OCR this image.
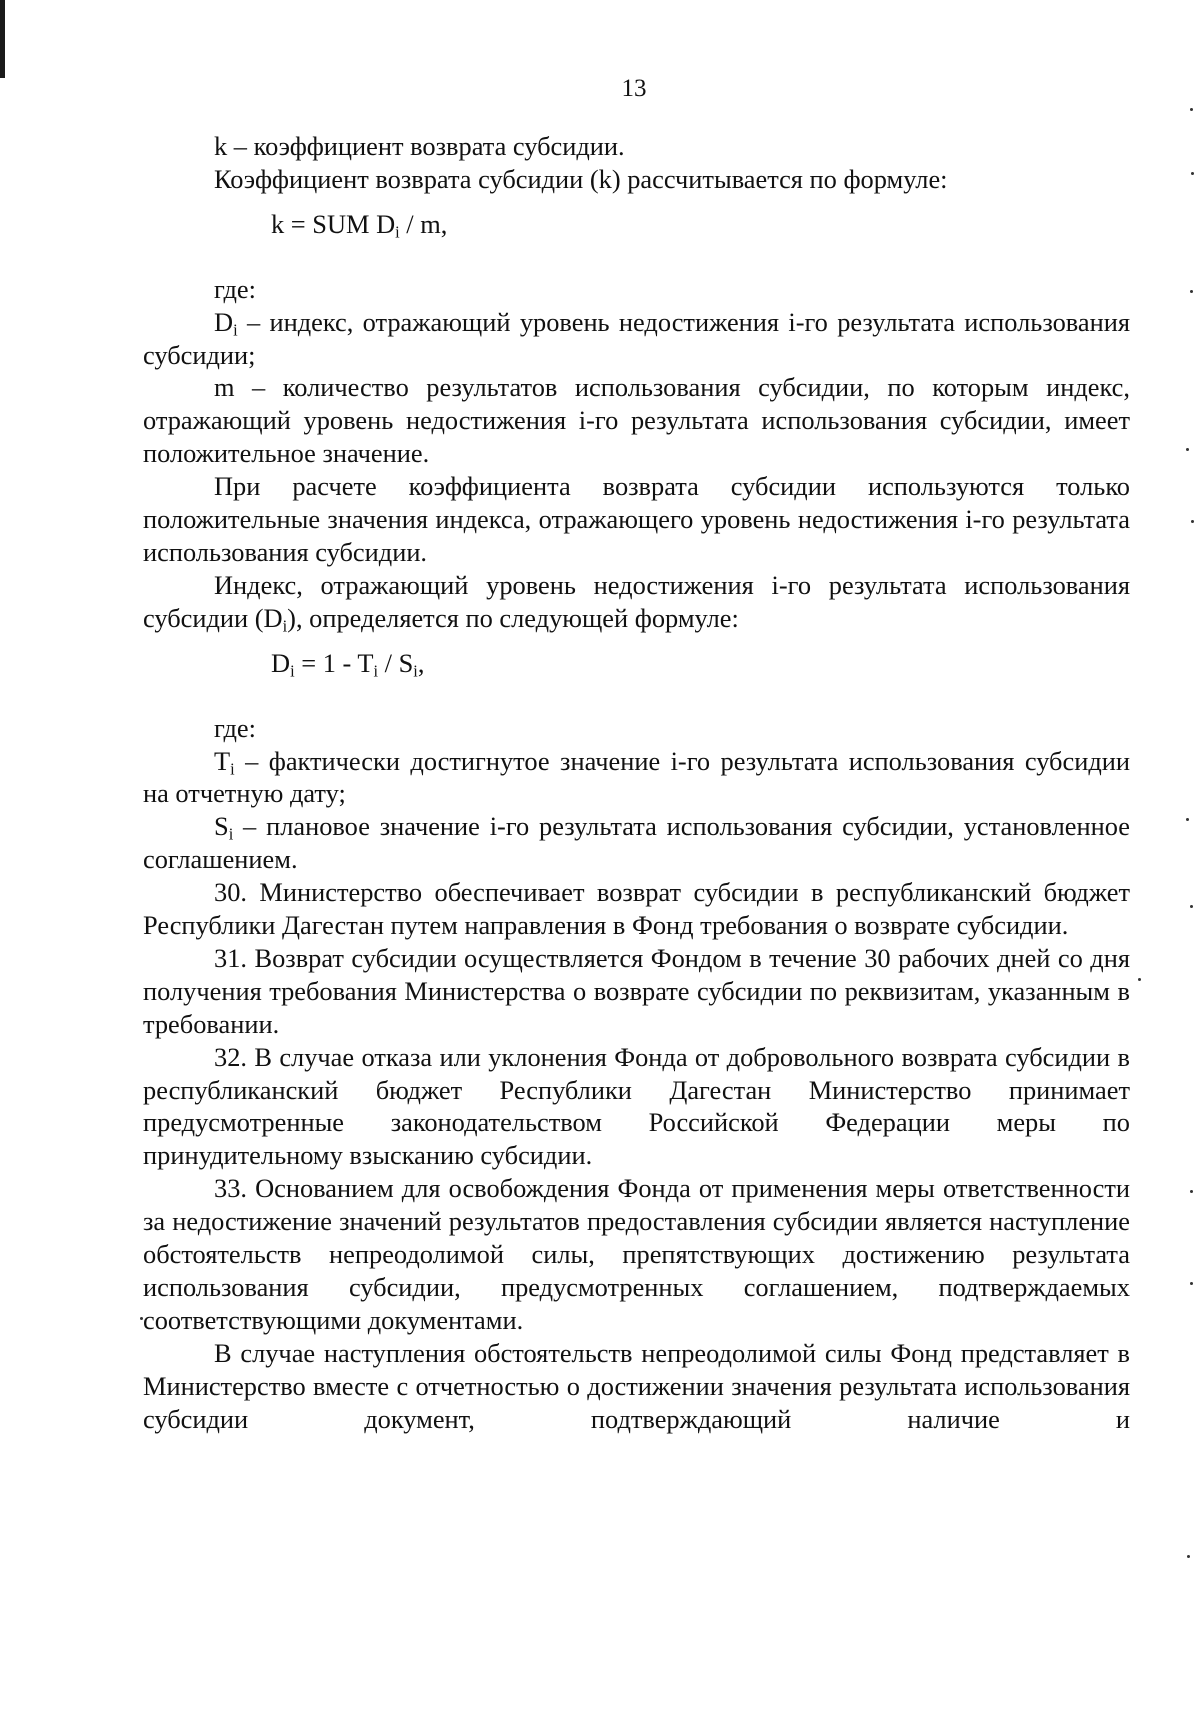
13

k – коэффициент возврата субсидии.

Коэффициент возврата субсидии (k) рассчитывается по формуле:

k = SUM $D_i$ / m,

где:

$D_i$ – индекс, отражающий уровень недостижения i-го результата использования субсидии;

m – количество результатов использования субсидии, по которым индекс, отражающий уровень недостижения i-го результата использования субсидии, имеет положительное значение.

При расчете коэффициента возврата субсидии используются только положительные значения индекса, отражающего уровень недостижения i-го результата использования субсидии.

Индекс, отражающий уровень недостижения i-го результата использования субсидии $(D_i)$, определяется по следующей формуле:

$D_i = 1 - T_i / S_i$,

где:

$T_i$ – фактически достигнутое значение i-го результата использования субсидии на отчетную дату;

$S_i$ – плановое значение i-го результата использования субсидии, установленное соглашением.

30. Министерство обеспечивает возврат субсидии в республиканский бюджет Республики Дагестан путем направления в Фонд требования о возврате субсидии.

31. Возврат субсидии осуществляется Фондом в течение 30 рабочих дней со дня получения требования Министерства о возврате субсидии по реквизитам, указанным в требовании.

32. В случае отказа или уклонения Фонда от добровольного возврата субсидии в республиканский бюджет Республики Дагестан Министерство принимает предусмотренные законодательством Российской Федерации меры по принудительному взысканию субсидии.

33. Основанием для освобождения Фонда от применения меры ответственности за недостижение значений результатов предоставления субсидии является наступление обстоятельств непреодолимой силы, препятствующих достижению результата использования субсидии, предусмотренных соглашением, подтверждаемых соответствующими документами.

В случае наступления обстоятельств непреодолимой силы Фонд представляет в Министерство вместе с отчетностью о достижении значения результата использования субсидии документ, подтверждающий наличие и
